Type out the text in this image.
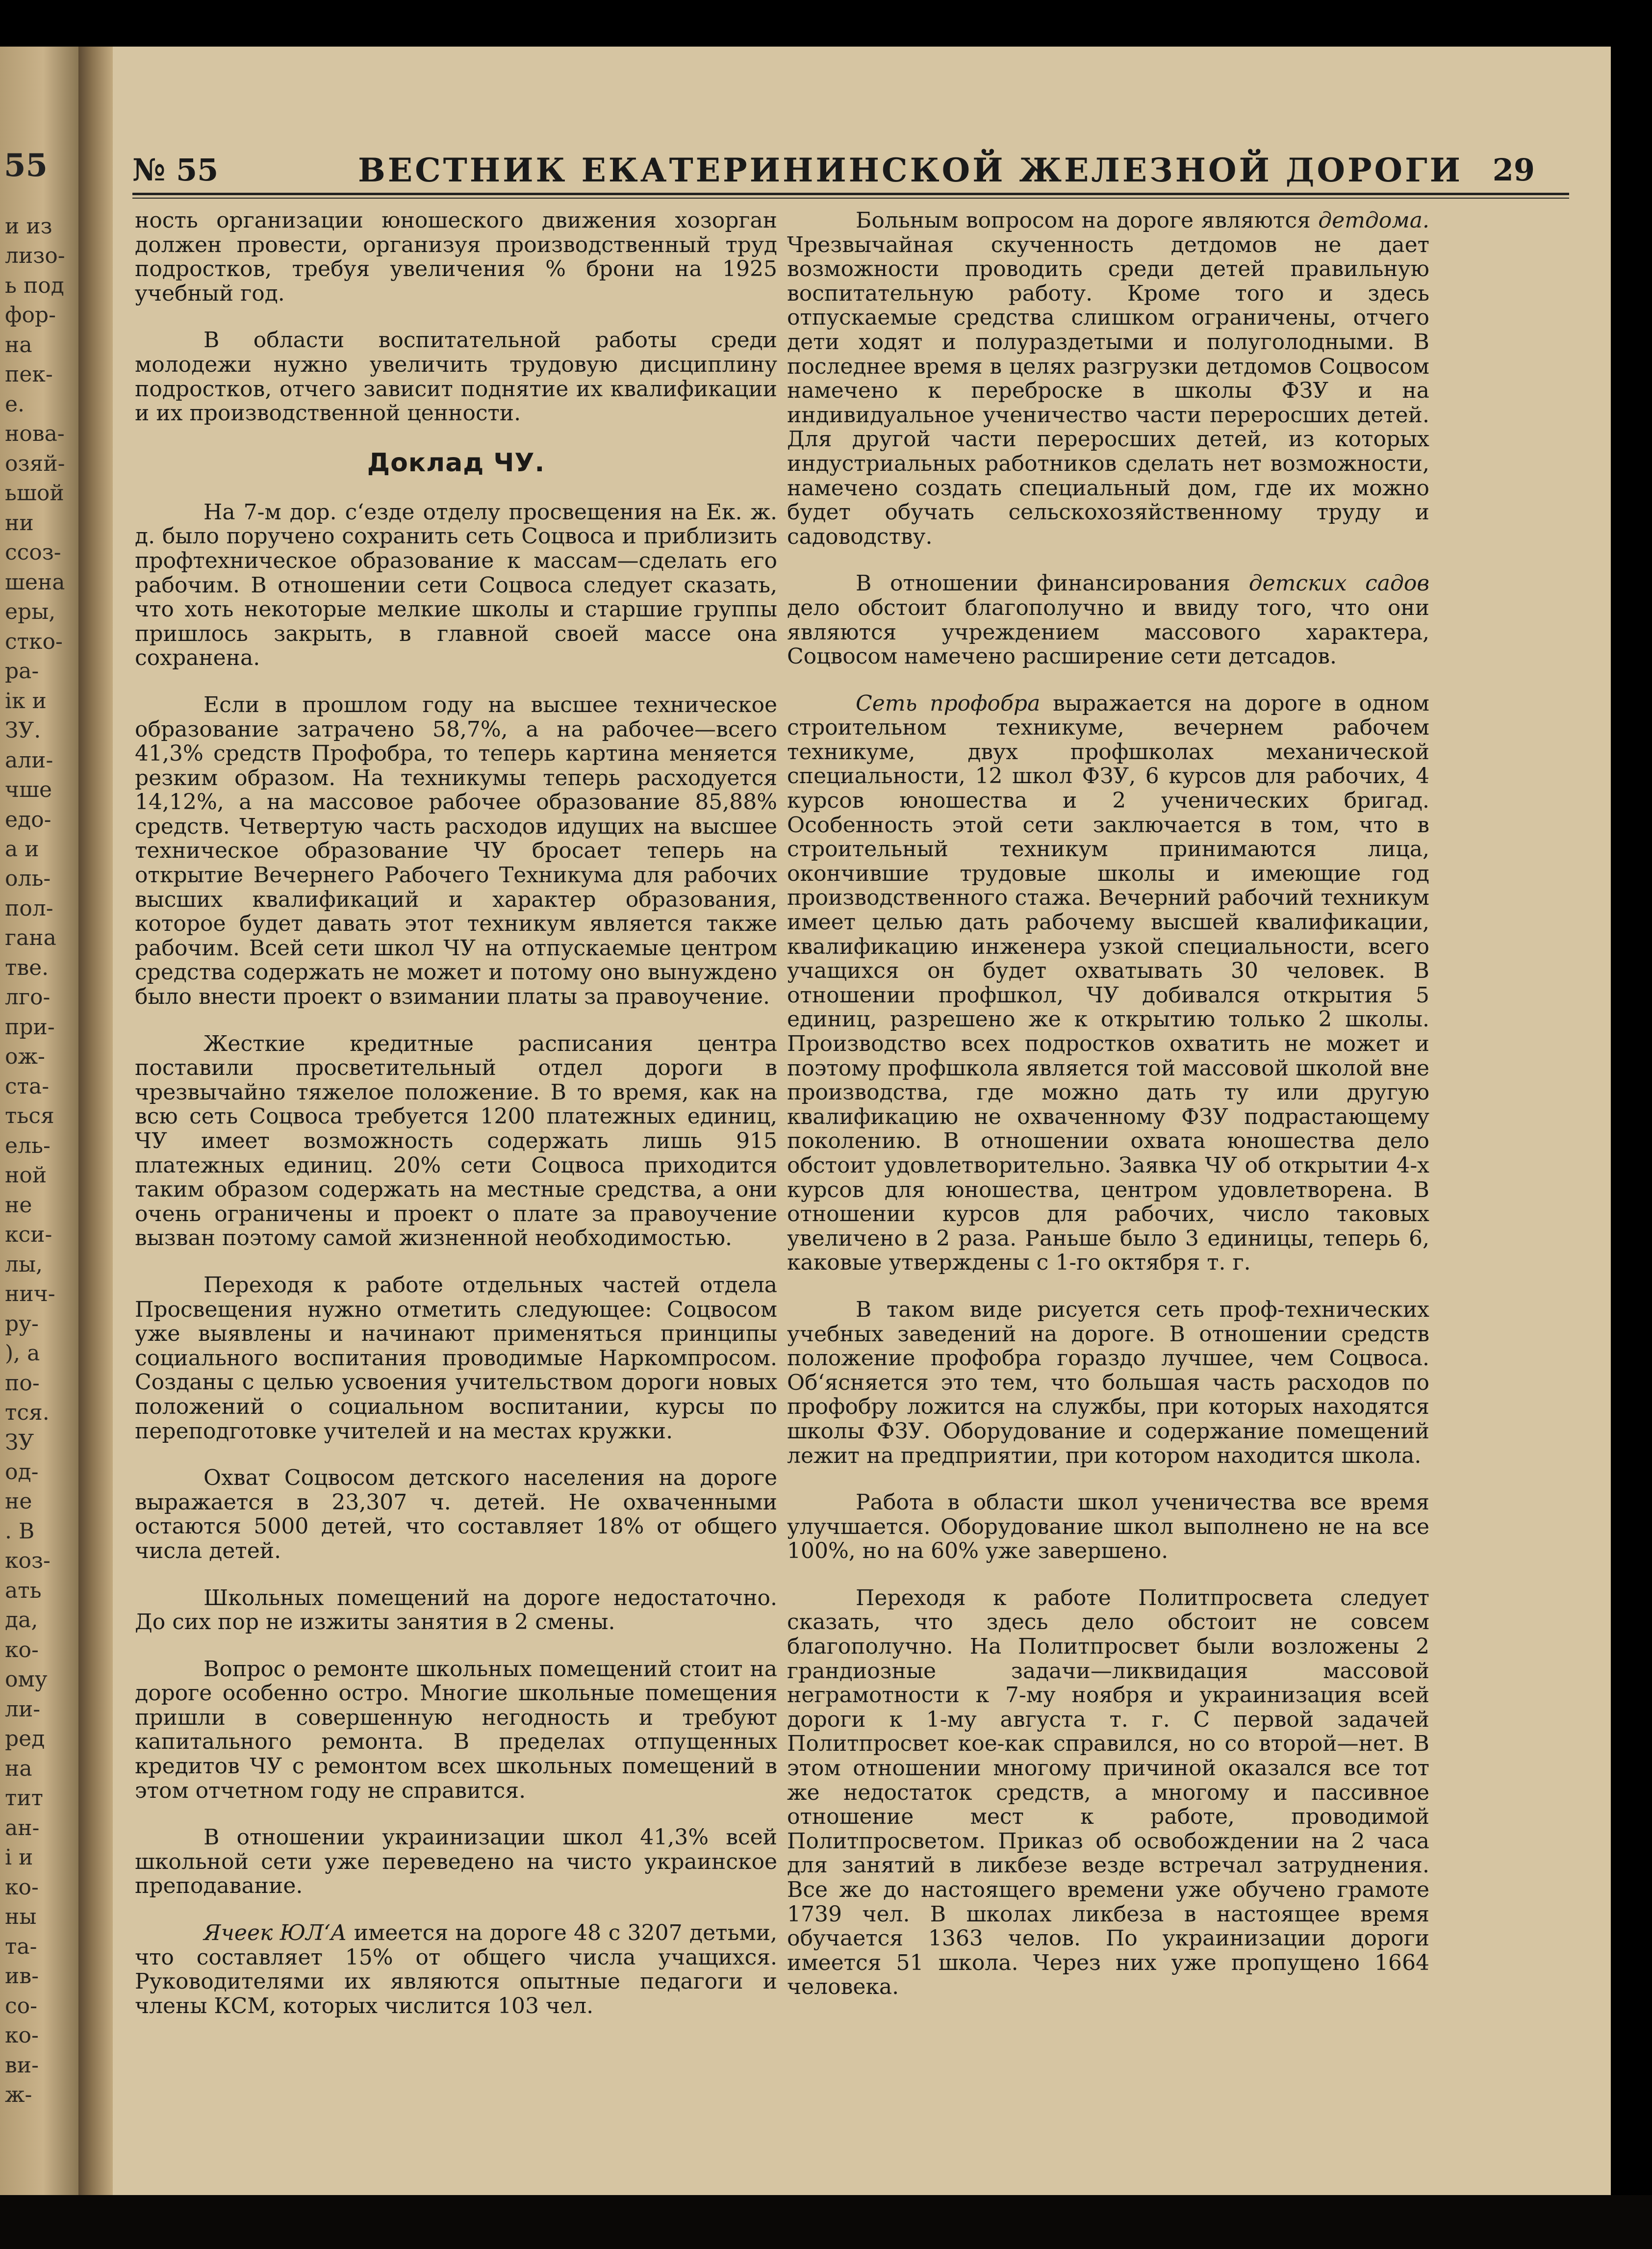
55
и из
лизо-
ь под
фор-
на
пек-
е.
нова-
озяй-
ьшой
ни
ссоз-
шена
еры,
стко-
ра-
ік и
ЗУ.
али-
чше
едо-
а и
оль-
пол-
гана
тве.
лго-
при-
ож-
ста-
ться
ель-
ной
не
кси-
лы,
нич-
ру-
), а
по-
тся.
ЗУ
од-
не
. В
коз-
ать
да,
ко-
ому
ли-
ред
на
тит
ан-
і и
ко-
ны
та-
ив-
со-
ко-
ви-
ж-
№ 55	ВЕСТНИК ЕКАТЕРИНИНСКОЙ ЖЕЛЕЗНОЙ ДОРОГИ 29

ность организации юношеского движения хозорган должен провести, организуя производственный труд подростков, требуя увеличения % брони на 1925 учебный год.

В области воспитательной работы среди молодежи нужно увеличить трудовую дисциплину подростков, отчего зависит поднятие их квалификации и их производственной ценности.

Доклад ЧУ.

На 7-м дор. с‘езде отделу просвещения на Ек. ж. д. было поручено сохранить сеть Соцвоса и приблизить профтехническое образование к массам—сделать его рабочим. В отношении сети Соцвоса следует сказать, что хоть некоторые мелкие школы и старшие группы пришлось закрыть, в главной своей массе она сохранена.

Если в прошлом году на высшее техническое образование затрачено 58,7%, а на рабочее—всего 41,3% средств Профобра, то теперь картина меняется резким образом. На техникумы теперь расходуется 14,12%, а на массовое рабочее образование 85,88% средств. Четвертую часть расходов идущих на высшее техническое образование ЧУ бросает теперь на открытие Вечернего Рабочего Техникума для рабочих высших квалификаций и характер образования, которое будет давать этот техникум является также рабочим. Всей сети школ ЧУ на отпускаемые центром средства содержать не может и потому оно вынуждено было внести проект о взимании платы за правоучение.

Жесткие кредитные расписания центра поставили просветительный отдел дороги в чрезвычайно тяжелое положение. В то время, как на всю сеть Соцвоса требуется 1200 платежных единиц, ЧУ имеет возможность содержать лишь 915 платежных единиц. 20% сети Соцвоса приходится таким образом содержать на местные средства, а они очень ограничены и проект о плате за правоучение вызван поэтому самой жизненной необходимостью.

Переходя к работе отдельных частей отдела Просвещения нужно отметить следующее: Соцвосом уже выявлены и начинают применяться принципы социального воспитания проводимые Наркомпросом. Созданы с целью усвоения учительством дороги новых положений о социальном воспитании, курсы по переподготовке учителей и на местах кружки.

Охват Соцвосом детского населения на дороге выражается в 23,307 ч. детей. Не охваченными остаются 5000 детей, что составляет 18% от общего числа детей.

Школьных помещений на дороге недостаточно. До сих пор не изжиты занятия в 2 смены.

Вопрос о ремонте школьных помещений стоит на дороге особенно остро. Многие школьные помещения пришли в совершенную негодность и требуют капитального ремонта. В пределах отпущенных кредитов ЧУ с ремонтом всех школьных помещений в этом отчетном году не справится.

В отношении украинизации школ 41,3% всей школьной сети уже переведено на чисто украинское преподавание.

Ячеек ЮЛ‘А имеется на дороге 48 с 3207 детьми, что составляет 15% от общего числа учащихся. Руководителями их являются опытные педагоги и члены КСМ, которых числится 103 чел.

Больным вопросом на дороге являются детдома. Чрезвычайная скученность детдомов не дает возможности проводить среди детей правильную воспитательную работу. Кроме того и здесь отпускаемые средства слишком ограничены, отчего дети ходят и полураздетыми и полуголодными. В последнее время в целях разгрузки детдомов Соцвосом намечено к переброске в школы ФЗУ и на индивидуальное ученичество части переросших детей. Для другой части переросших детей, из которых индустриальных работников сделать нет возможности, намечено создать специальный дом, где их можно будет обучать сельскохозяйственному труду и садоводству.

В отношении финансирования детских садов дело обстоит благополучно и ввиду того, что они являются учреждением массового характера, Соцвосом намечено расширение сети детсадов.

Сеть профобра выражается на дороге в одном строительном техникуме, вечернем рабочем техникуме, двух профшколах механической специальности, 12 школ ФЗУ, 6 курсов для рабочих, 4 курсов юношества и 2 ученических бригад. Особенность этой сети заключается в том, что в строительный техникум принимаются лица, окончившие трудовые школы и имеющие год производственного стажа. Вечерний рабочий техникум имеет целью дать рабочему высшей квалификации, квалификацию инженера узкой специальности, всего учащихся он будет охватывать 30 человек. В отношении профшкол, ЧУ добивался открытия 5 единиц, разрешено же к открытию только 2 школы. Производство всех подростков охватить не может и поэтому профшкола является той массовой школой вне производства, где можно дать ту или другую квалификацию не охваченному ФЗУ подрастающему поколению. В отношении охвата юношества дело обстоит удовлетворительно. Заявка ЧУ об открытии 4-х курсов для юношества, центром удовлетворена. В отношении курсов для рабочих, число таковых увеличено в 2 раза. Раньше было 3 единицы, теперь 6, каковые утверждены с 1-го октября т. г.

В таком виде рисуется сеть проф-технических учебных заведений на дороге. В отношении средств положение профобра гораздо лучшее, чем Соцвоса. Об‘ясняется это тем, что большая часть расходов по профобру ложится на службы, при которых находятся школы ФЗУ. Оборудование и содержание помещений лежит на предприятии, при котором находится школа.

Работа в области школ ученичества все время улучшается. Оборудование школ выполнено не на все 100%, но на 60% уже завершено.

Переходя к работе Политпросвета следует сказать, что здесь дело обстоит не совсем благополучно. На Политпросвет были возложены 2 грандиозные задачи—ликвидация массовой неграмотности к 7-му ноября и украинизация всей дороги к 1-му августа т. г. С первой задачей Политпросвет кое-как справился, но со второй—нет. В этом отношении многому причиной оказался все тот же недостаток средств, а многому и пассивное отношение мест к работе, проводимой Политпросветом. Приказ об освобождении на 2 часа для занятий в ликбезе везде встречал затруднения. Все же до настоящего времени уже обучено грамоте 1739 чел. В школах ликбеза в настоящее время обучается 1363 челов. По украинизации дороги имеется 51 школа. Через них уже пропущено 1664 человека.
